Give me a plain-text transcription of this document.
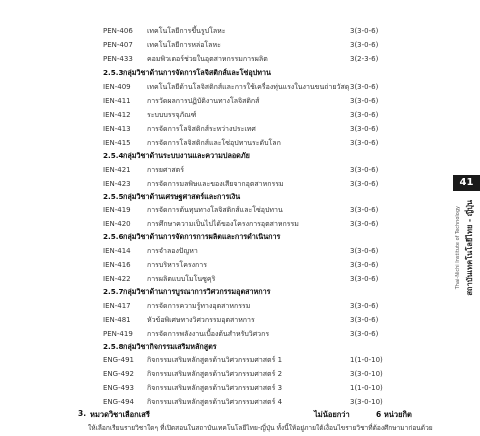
PEN-406 เทคโนโลยีการขึ้นรูปโลหะ	3(3-0-6)
PEN-407 เทคโนโลยีการหล่อโลหะ	3(3-0-6)
PEN-433 คอมพิวเตอร์ช่วยในอุตสาหกรรมการผลิต	3(2-3-6)
2.5.3 กลุ่มวิชาด้านการจัดการโลจิสติกส์และโซ่อุปทาน
IEN-409 เทคโนโลยีด้านโลจิสติกส์และการใช้เครื่องทุ่นแรงในงานขนถ่ายวัสดุ 3(3-0-6)
IEN-411 การวัดผลการปฏิบัติงานทางโลจิสติกส์	3(3-0-6)
IEN-412 ระบบบรรจุภัณฑ์	3(3-0-6)
IEN-413 การจัดการโลจิสติกส์ระหว่างประเทศ	3(3-0-6)
IEN-415 การจัดการโลจิสติกส์และโซ่อุปทานระดับโลก	3(3-0-6)
2.5.4 กลุ่มวิชาด้านระบบงานและความปลอดภัย
IEN-421 การยศาสตร์	3(3-0-6)
IEN-423 การจัดการมลพิษและของเสียจากอุตสาหกรรม	3(3-0-6)
2.5.5 กลุ่มวิชาด้านเศรษฐศาสตร์และการเงิน
IEN-419 การจัดการต้นทุนทางโลจิสติกส์และโซ่อุปทาน	3(3-0-6)
IEN-420 การศึกษาความเป็นไปได้ของโครงการอุตสาหกรรม	3(3-0-6)
2.5.6 กลุ่มวิชาด้านการจัดการการผลิตและการดำเนินการ
IEN-414 การจำลองปัญหา	3(3-0-6)
IEN-416 การบริหารโครงการ	3(3-0-6)
IEN-422 การผลิตแบบโมโนซูคุริ	3(3-0-6)
2.5.7 กลุ่มวิชาด้านการบูรณาการวิศวกรรมอุตสาหการ
IEN-417 การจัดการความรู้ทางอุตสาหกรรม	3(3-0-6)
IEN-481 หัวข้อพิเศษทางวิศวกรรมอุตสาหการ	3(3-0-6)
PEN-419 การจัดการพลังงานเบื้องต้นสำหรับวิศวกร	3(3-0-6)
2.5.8 กลุ่มวิชากิจกรรมเสริมหลักสูตร
ENG-491 กิจกรรมเสริมหลักสูตรด้านวิศวกรรมศาสตร์ 1	1(1-0-10)
ENG-492 กิจกรรมเสริมหลักสูตรด้านวิศวกรรมศาสตร์ 2	3(3-0-10)
ENG-493 กิจกรรมเสริมหลักสูตรด้านวิศวกรรมศาสตร์ 3	1(1-0-10)
ENG-494 กิจกรรมเสริมหลักสูตรด้านวิศวกรรมศาสตร์ 4	3(3-0-10)
3. หมวดวิชาเลือกเสรี	ไม่น้อยกว่า	6 หน่วยกิต
ให้เลือกเรียนรายวิชาใดๆ ที่เปิดสอนในสถาบันเทคโนโลยีไทย-ญี่ปุ่น ทั้งนี้ให้อยู่ภายใต้เงื่อนไขรายวิชาที่ต้องศึกษามาก่อนด้วย
41
สถาบันเทคโนโลยีไทย - ญี่ปุ่น
Thai-Nichi Institute of Technology
